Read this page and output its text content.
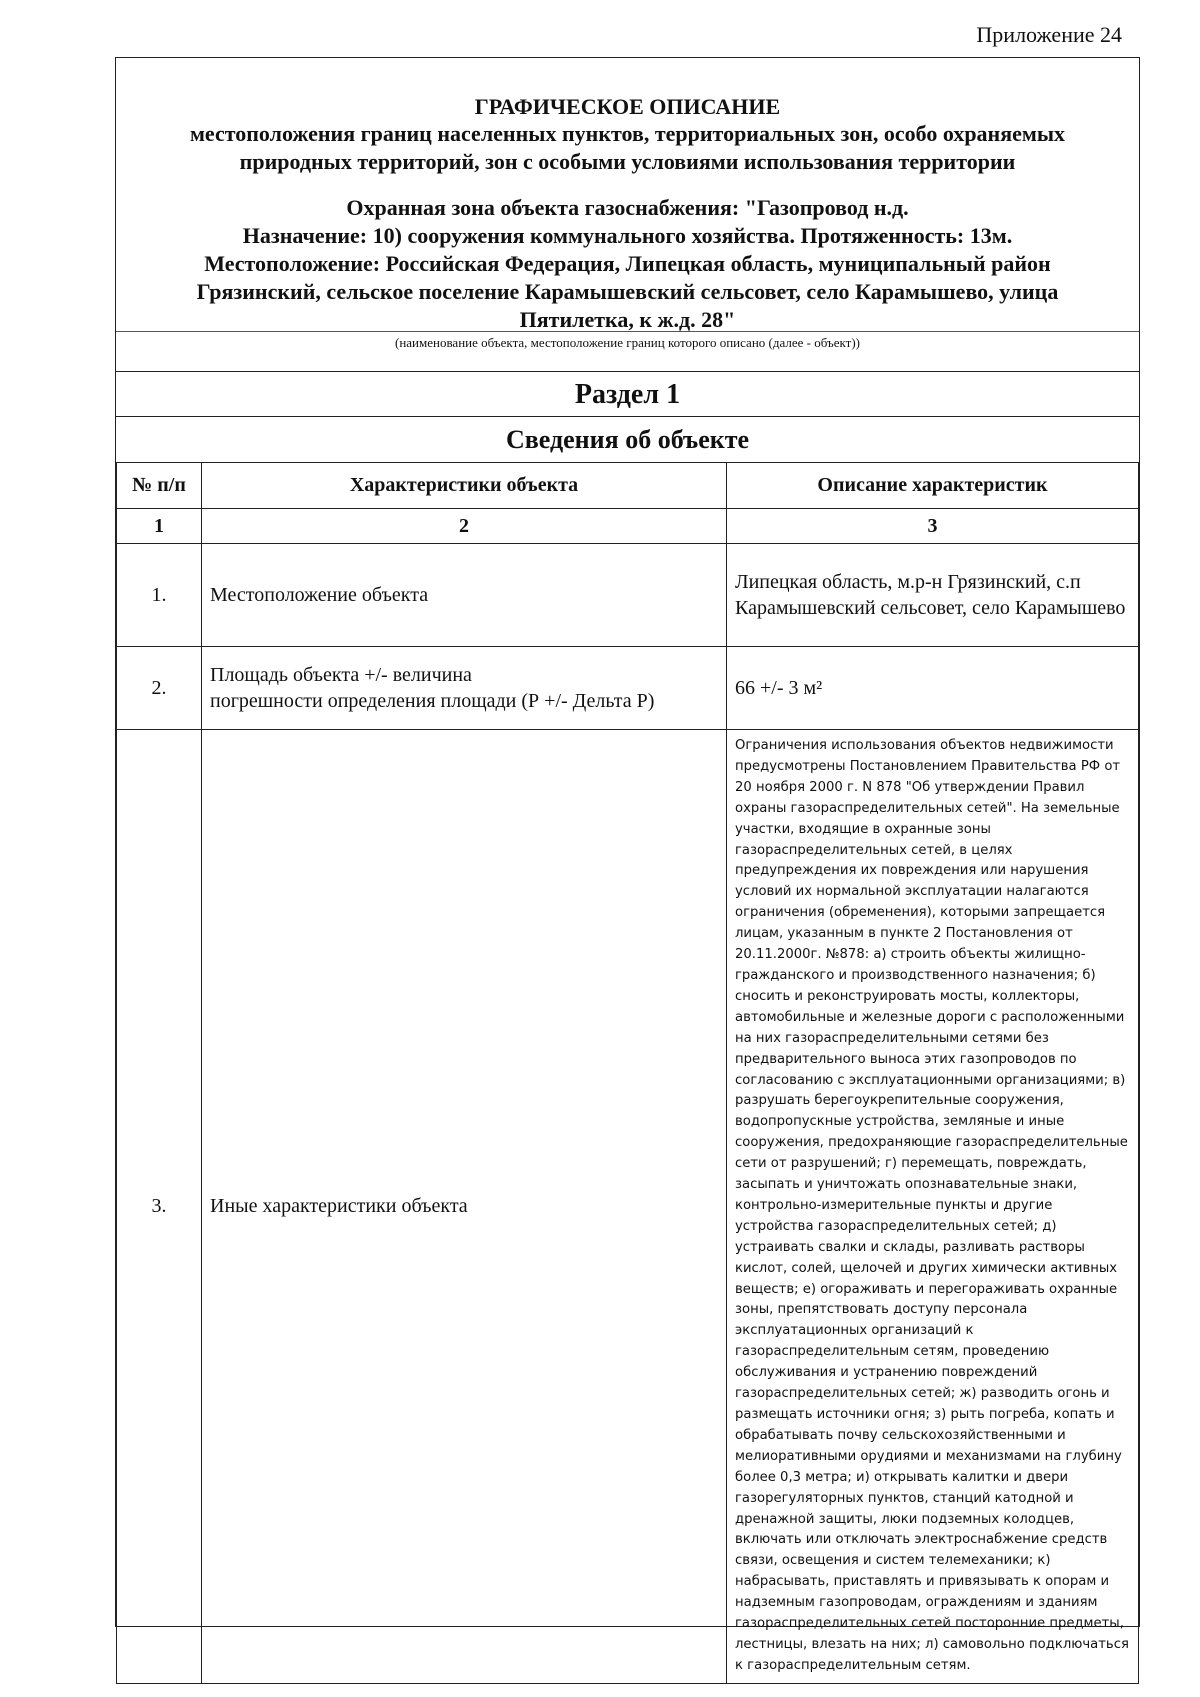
Приложение 24
ГРАФИЧЕСКОЕ ОПИСАНИЕ
местоположения границ населенных пунктов, территориальных зон, особо охраняемых
природных территорий, зон с особыми условиями использования территории
Охранная зона объекта газоснабжения: "Газопровод н.д.
Назначение: 10) сооружения коммунального хозяйства. Протяженность: 13м.
Местоположение: Российская Федерация, Липецкая область, муниципальный район
Грязинский, сельское поселение Карамышевский сельсовет, село Карамышево, улица
Пятилетка, к ж.д. 28"
(наименование объекта, местоположение границ которого описано (далее - объект))
Раздел 1
Сведения об объекте
№ п/п	Характеристики объекта	Описание характеристик
1	2	3
1.	Местоположение объекта	Липецкая область, м.р-н Грязинский, с.п Карамышевский сельсовет, село Карамышево
2.	Площадь объекта +/- величина
погрешности определения площади (Р +/- Дельта Р)	66 +/- 3 м²
3.	Иные характеристики объекта	Ограничения использования объектов недвижимости предусмотрены Постановлением Правительства РФ от 20 ноября 2000 г. N 878 "Об утверждении Правил охраны газораспределительных сетей". На земельные участки, входящие в охранные зоны газораспределительных сетей, в целях предупреждения их повреждения или нарушения условий их нормальной эксплуатации налагаются ограничения (обременения), которыми запрещается лицам, указанным в пункте 2 Постановления от 20.11.2000г. №878: а) строить объекты жилищно-гражданского и производственного назначения; б) сносить и реконструировать мосты, коллекторы, автомобильные и железные дороги с расположенными на них газораспределительными сетями без предварительного выноса этих газопроводов по согласованию с эксплуатационными организациями; в) разрушать берегоукрепительные сооружения, водопропускные устройства, земляные и иные сооружения, предохраняющие газораспределительные сети от разрушений; г) перемещать, повреждать, засыпать и уничтожать опознавательные знаки, контрольно-измерительные пункты и другие устройства газораспределительных сетей; д) устраивать свалки и склады, разливать растворы кислот, солей, щелочей и других химически активных веществ; е) огораживать и перегораживать охранные зоны, препятствовать доступу персонала эксплуатационных организаций к газораспределительным сетям, проведению обслуживания и устранению повреждений газораспределительных сетей; ж) разводить огонь и размещать источники огня; з) рыть погреба, копать и обрабатывать почву сельскохозяйственными и мелиоративными орудиями и механизмами на глубину более 0,3 метра; и) открывать калитки и двери газорегуляторных пунктов, станций катодной и дренажной защиты, люки подземных колодцев, включать или отключать электроснабжение средств связи, освещения и систем телемеханики; к) набрасывать, приставлять и привязывать к опорам и надземным газопроводам, ограждениям и зданиям газораспределительных сетей посторонние предметы, лестницы, влезать на них; л) самовольно подключаться к газораспределительным сетям.
